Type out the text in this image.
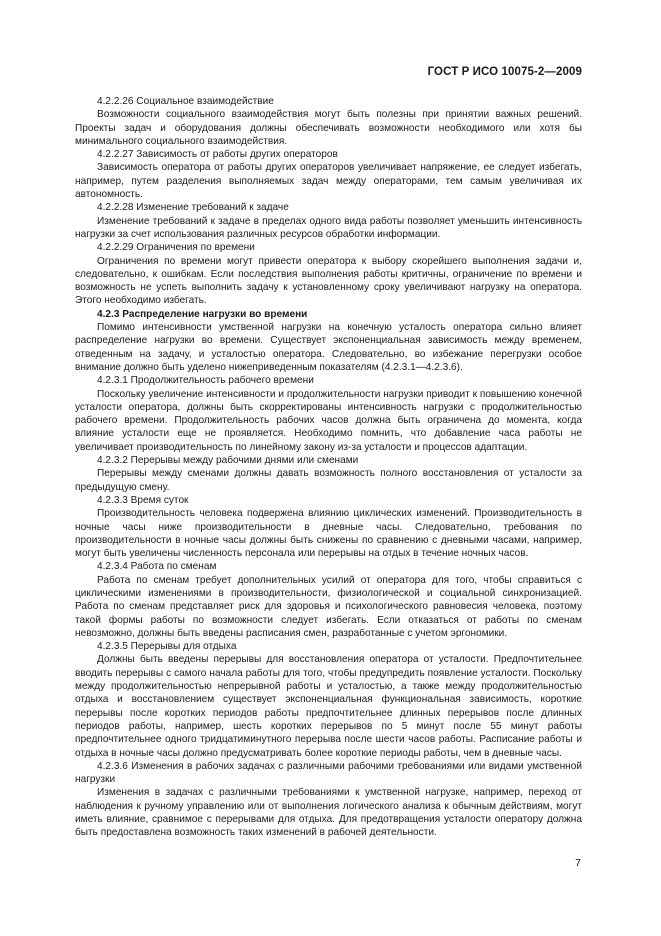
ГОСТ Р ИСО 10075-2—2009

4.2.2.26 Социальное взаимодействие

Возможности социального взаимодействия могут быть полезны при принятии важных решений. Проекты задач и оборудования должны обеспечивать возможности необходимого или хотя бы минимального социального взаимодействия.

4.2.2.27 Зависимость от работы других операторов

Зависимость оператора от работы других операторов увеличивает напряжение, ее следует избегать, например, путем разделения выполняемых задач между операторами, тем самым увеличивая их автономность.

4.2.2.28 Изменение требований к задаче

Изменение требований к задаче в пределах одного вида работы позволяет уменьшить интенсивность нагрузки за счет использования различных ресурсов обработки информации.

4.2.2.29 Ограничения по времени

Ограничения по времени могут привести оператора к выбору скорейшего выполнения задачи и, следовательно, к ошибкам. Если последствия выполнения работы критичны, ограничение по времени и возможность не успеть выполнить задачу к установленному сроку увеличивают нагрузку на оператора. Этого необходимо избегать.

4.2.3 Распределение нагрузки во времени

Помимо интенсивности умственной нагрузки на конечную усталость оператора сильно влияет распределение нагрузки во времени. Существует экспоненциальная зависимость между временем, отведенным на задачу, и усталостью оператора. Следовательно, во избежание перегрузки особое внимание должно быть уделено нижеприведенным показателям (4.2.3.1—4.2.3.6).

4.2.3.1 Продолжительность рабочего времени

Поскольку увеличение интенсивности и продолжительности нагрузки приводит к повышению конечной усталости оператора, должны быть скорректированы интенсивность нагрузки с продолжительностью рабочего времени. Продолжительность рабочих часов должна быть ограничена до момента, когда влияние усталости еще не проявляется. Необходимо помнить, что добавление часа работы не увеличивает производительность по линейному закону из-за усталости и процессов адаптации.

4.2.3.2 Перерывы между рабочими днями или сменами

Перерывы между сменами должны давать возможность полного восстановления от усталости за предыдущую смену.

4.2.3.3 Время суток

Производительность человека подвержена влиянию циклических изменений. Производительность в ночные часы ниже производительности в дневные часы. Следовательно, требования по производительности в ночные часы должны быть снижены по сравнению с дневными часами, например, могут быть увеличены численность персонала или перерывы на отдых в течение ночных часов.

4.2.3.4 Работа по сменам

Работа по сменам требует дополнительных усилий от оператора для того, чтобы справиться с циклическими изменениями в производительности, физиологической и социальной синхронизацией. Работа по сменам представляет риск для здоровья и психологического равновесия человека, поэтому такой формы работы по возможности следует избегать. Если отказаться от работы по сменам невозможно, должны быть введены расписания смен, разработанные с учетом эргономики.

4.2.3.5 Перерывы для отдыха

Должны быть введены перерывы для восстановления оператора от усталости. Предпочтительнее вводить перерывы с самого начала работы для того, чтобы предупредить появление усталости. Поскольку между продолжительностью непрерывной работы и усталостью, а также между продолжительностью отдыха и восстановлением существует экспоненциальная функциональная зависимость, короткие перерывы после коротких периодов работы предпочтительнее длинных перерывов после длинных периодов работы, например, шесть коротких перерывов по 5 минут после 55 минут работы предпочтительнее одного тридцатиминутного перерыва после шести часов работы. Расписание работы и отдыха в ночные часы должно предусматривать более короткие периоды работы, чем в дневные часы.

4.2.3.6 Изменения в рабочих задачах с различными рабочими требованиями или видами умственной нагрузки

Изменения в задачах с различными требованиями к умственной нагрузке, например, переход от наблюдения к ручному управлению или от выполнения логического анализа к обычным действиям, могут иметь влияние, сравнимое с перерывами для отдыха. Для предотвращения усталости оператору должна быть предоставлена возможность таких изменений в рабочей деятельности.

7
